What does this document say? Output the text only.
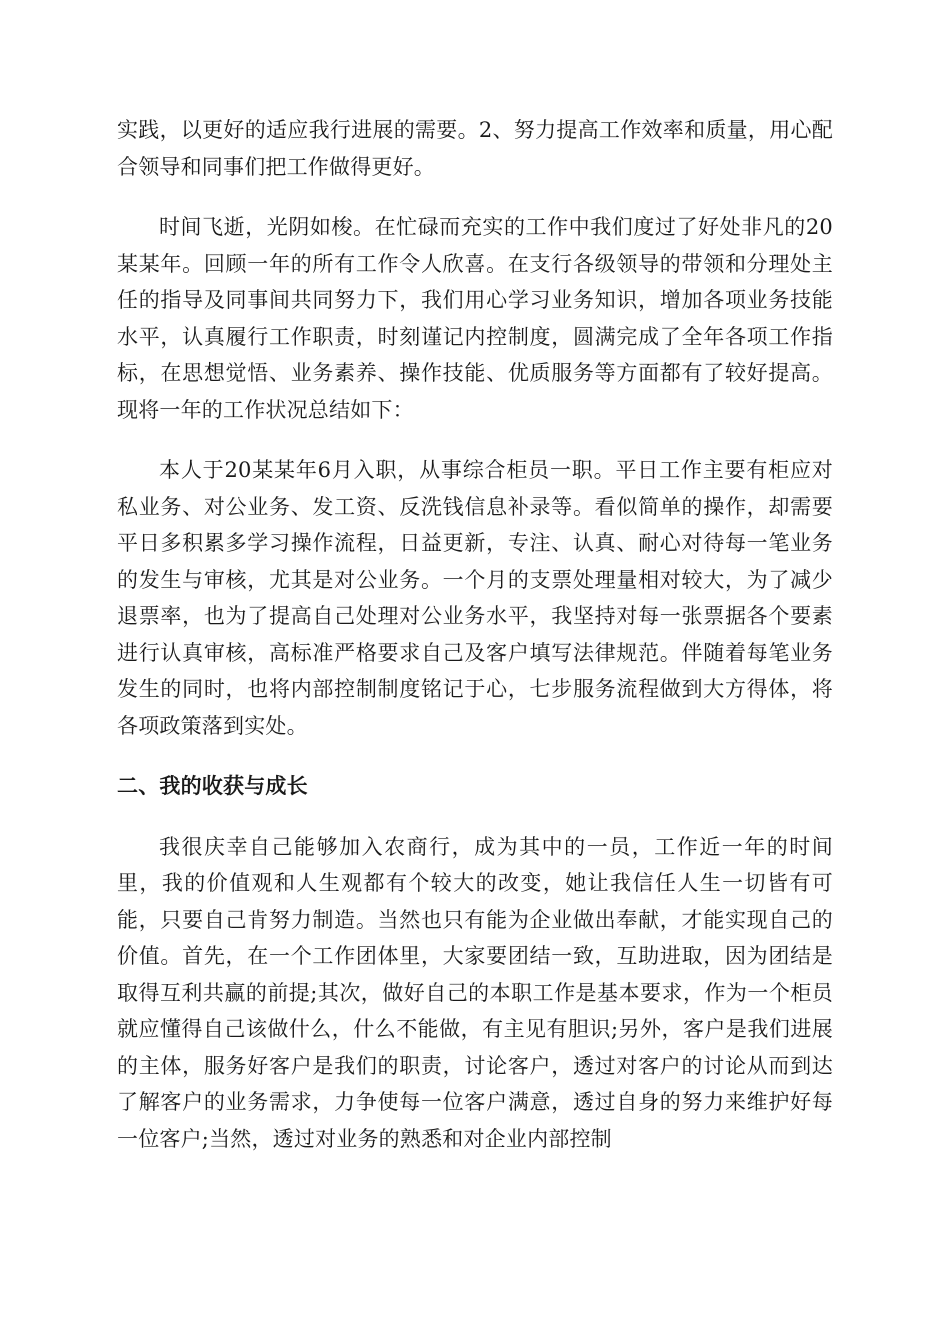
实践，以更好的适应我行进展的需要。2、努力提高工作效率和质量，用心配合领导和同事们把工作做得更好。

时间飞逝，光阴如梭。在忙碌而充实的工作中我们度过了好处非凡的20某某年。回顾一年的所有工作令人欣喜。在支行各级领导的带领和分理处主任的指导及同事间共同努力下，我们用心学习业务知识，增加各项业务技能水平，认真履行工作职责，时刻谨记内控制度，圆满完成了全年各项工作指标，在思想觉悟、业务素养、操作技能、优质服务等方面都有了较好提高。现将一年的工作状况总结如下：

本人于20某某年6月入职，从事综合柜员一职。平日工作主要有柜应对私业务、对公业务、发工资、反洗钱信息补录等。看似简单的操作，却需要平日多积累多学习操作流程，日益更新，专注、认真、耐心对待每一笔业务的发生与审核，尤其是对公业务。一个月的支票处理量相对较大，为了减少退票率，也为了提高自己处理对公业务水平，我坚持对每一张票据各个要素进行认真审核，高标准严格要求自己及客户填写法律规范。伴随着每笔业务发生的同时，也将内部控制制度铭记于心，七步服务流程做到大方得体，将各项政策落到实处。

二、我的收获与成长

我很庆幸自己能够加入农商行，成为其中的一员，工作近一年的时间里，我的价值观和人生观都有个较大的改变，她让我信任人生一切皆有可能，只要自己肯努力制造。当然也只有能为企业做出奉献，才能实现自己的价值。首先，在一个工作团体里，大家要团结一致，互助进取，因为团结是取得互利共赢的前提;其次，做好自己的本职工作是基本要求，作为一个柜员就应懂得自己该做什么，什么不能做，有主见有胆识;另外，客户是我们进展的主体，服务好客户是我们的职责，讨论客户，透过对客户的讨论从而到达了解客户的业务需求，力争使每一位客户满意，透过自身的努力来维护好每一位客户;当然，透过对业务的熟悉和对企业内部控制
